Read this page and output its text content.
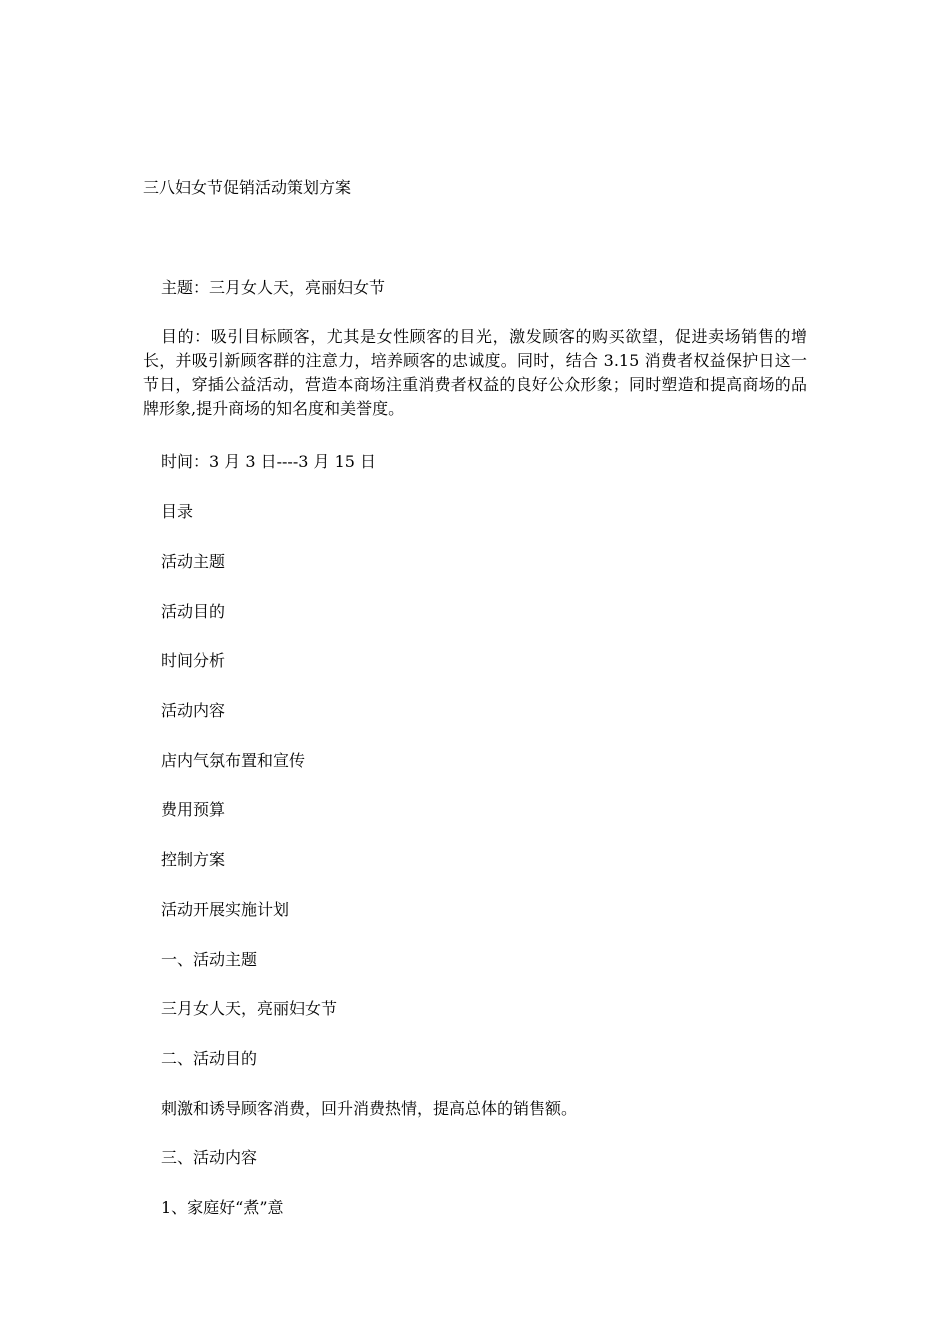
三八妇女节促销活动策划方案

主题：三月女人天，亮丽妇女节

目的：吸引目标顾客，尤其是女性顾客的目光，激发顾客的购买欲望，促进卖场销售的增长，并吸引新顾客群的注意力，培养顾客的忠诚度。同时，结合 3.15 消费者权益保护日这一节日，穿插公益活动，营造本商场注重消费者权益的良好公众形象；同时塑造和提高商场的品牌形象,提升商场的知名度和美誉度。

时间：3 月 3 日----3 月 15 日

目录

活动主题

活动目的

时间分析

活动内容

店内气氛布置和宣传

费用预算

控制方案

活动开展实施计划

一、活动主题

三月女人天，亮丽妇女节

二、活动目的

刺激和诱导顾客消费，回升消费热情，提高总体的销售额。

三、活动内容

1、家庭好“煮”意
